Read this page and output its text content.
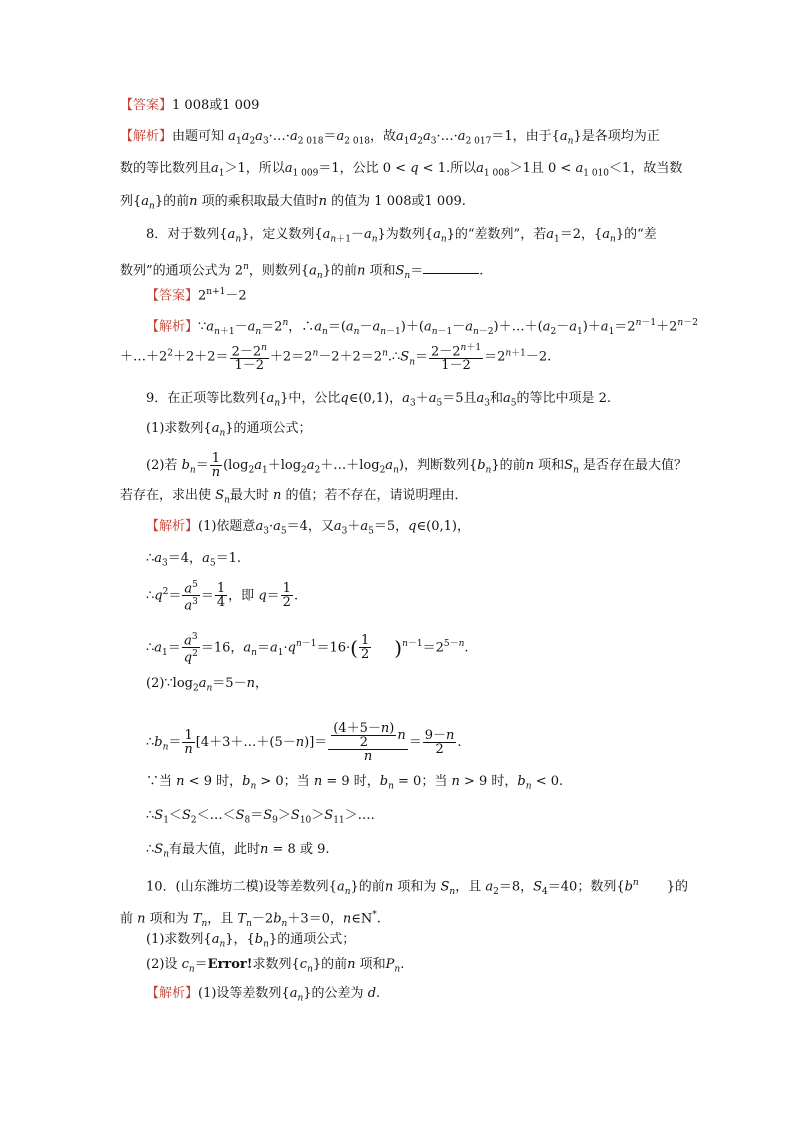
【答案】1 008或1 009
【解析】由题可知 $a_1a_2a_3\cdot\dots\cdot a_{2 018}=a_{2 018}$，故$a_1a_2a_3\cdot\dots\cdot a_{2 017}=1$，由于$\{a_n\}$是各项均为正
数的等比数列且$a_1>1$，所以$a_{1 009}=1$，公比 0 < q < 1.所以$a_{1 008}>1$且 $0 < a_{1 010}<1$，故当数
列$\{a_n\}$的前n 项的乘积取最大值时n 的值为 1 008或1 009.
8．对于数列$\{a_n\}$，定义数列$\{a_{n+1}-a_n\}$为数列$\{a_n\}$的“差数列”，若$a_1=2$，$\{a_n\}$的“差
数列”的通项公式为 2$^n$，则数列$\{a_n\}$的前n 项和$S_n=$	.
【答案】$2^{n+1}-2$
【解析】$\because a_{n+1}-a_n=2^n$，$\therefore a_n=(a_n-a_{n-1})+(a_{n-1}-a_{n-2})+\dots+(a_2-a_1)+a_1=2^{n-1}+2^{n-2}$
$+\dots+2^2+2+2= \frac{2-2^n}{1-2}$ $+2=2^n-2+2=2^n.\therefore S_n= \frac{2-2^{n+1}}{1-2} =2^{n+1}-2$.
9．在正项等比数列$\{a_n\}$中，公比q∈(0,1)，$a_3+a_5=5$且$a_3$和$a_5$的等比中项是 2.
(1)求数列$\{a_n\}$的通项公式；
(2)若 $b_n= \frac{1}{n}$ $(\log_2a_1+\log_2a_2+\dots+\log_2a_n)$，判断数列$\{b_n\}$的前n 项和$S_n$ 是否存在最大值？
若存在，求出使 $S_n$最大时 n 的值；若不存在，请说明理由．
【解析】(1)依题意$a_3\cdot a_5=4$，又$a_3+a_5=5$，q∈(0,1)，
$\therefore a_3=4$，$a_5=1$.
$\therefore q^2= \frac{a^5}{a^3} = \frac{1}{4}$ ，即 $q= \frac{1}{2}$ .
$\therefore a_1= \frac{a^3}{q^2} =16$，$a_n=a_1\cdot q^{n-1}=16\cdot( \frac{1}{2} )^{n-1}=2^{5-n}$.
$(2)\because\log_2a_n=5-n$，
$\therefore b_n= \frac{1}{n}$ [4＋3＋…＋(5－n)]＝ $\frac{\frac{(4+5-n)}{2} n}{n} = \frac{9-n}{2}$ .
∵当 n < 9 时，$b_n > 0$；当 n = 9 时，$b_n = 0$；当 n > 9 时，$b_n < 0$.
$\therefore S_1<S_2<\dots<S_8=S_9>S_{10}>S_{11}>\dots$.
$\therefore S_n$有最大值，此时n = 8 或 9.
10．(山东潍坊二模)设等差数列$\{a_n\}$的前n 项和为 $S_n$，且 $a_2=8$，$S_4=40$；数列{$b^n$ }的
前 n 项和为 $T_n$，且 $T_n-2b_n+3=0$，n∈N*.
(1)求数列$\{a_n\}$，$\{b_n\}$的通项公式；
(2)设 $c_n=Error$!求数列$\{c_n\}$的前n 项和$P_n$.
【解析】(1)设等差数列$\{a_n\}$的公差为 d.
